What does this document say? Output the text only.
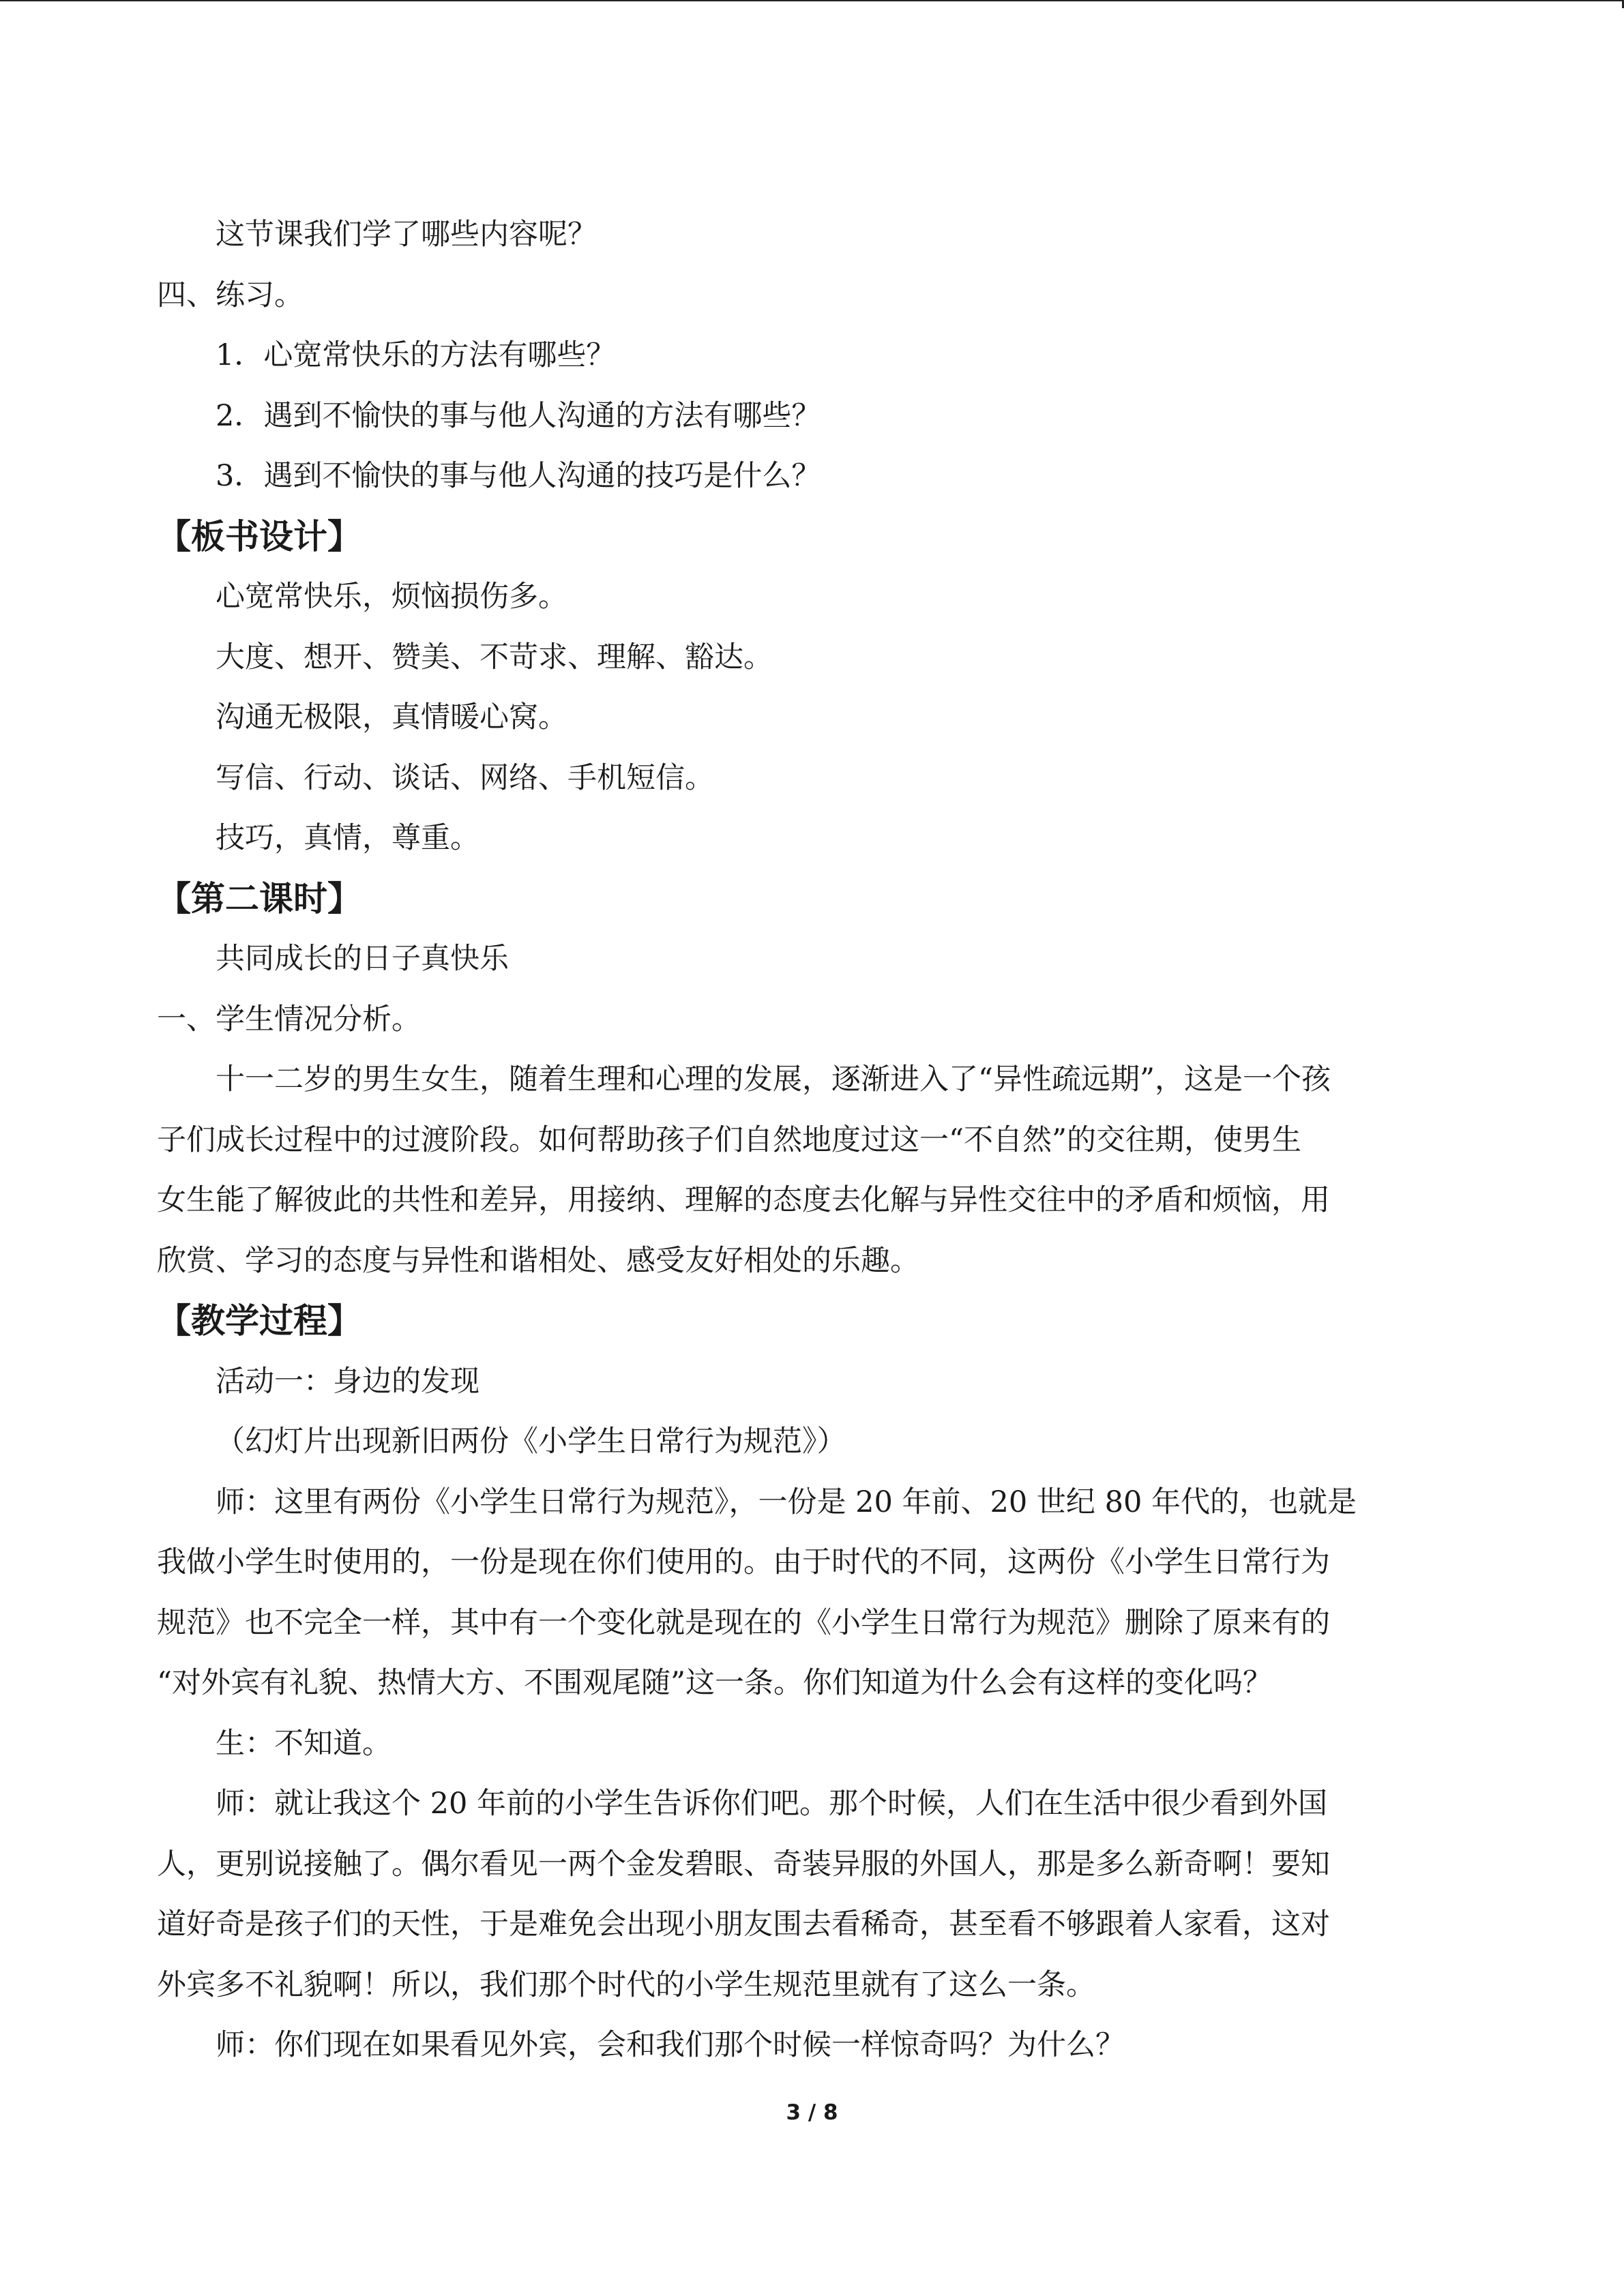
这节课我们学了哪些内容呢？

四、练习。

1．心宽常快乐的方法有哪些？

2．遇到不愉快的事与他人沟通的方法有哪些？

3．遇到不愉快的事与他人沟通的技巧是什么？

【板书设计】

心宽常快乐，烦恼损伤多。

大度、想开、赞美、不苛求、理解、豁达。

沟通无极限，真情暖心窝。

写信、行动、谈话、网络、手机短信。

技巧，真情，尊重。

【第二课时】

共同成长的日子真快乐

一、学生情况分析。

十一二岁的男生女生，随着生理和心理的发展，逐渐进入了“异性疏远期”，这是一个孩

子们成长过程中的过渡阶段。如何帮助孩子们自然地度过这一“不自然”的交往期，使男生

女生能了解彼此的共性和差异，用接纳、理解的态度去化解与异性交往中的矛盾和烦恼，用

欣赏、学习的态度与异性和谐相处、感受友好相处的乐趣。

【教学过程】

活动一：身边的发现

（幻灯片出现新旧两份《小学生日常行为规范》）

师：这里有两份《小学生日常行为规范》，一份是 20 年前、20 世纪 80 年代的，也就是

我做小学生时使用的，一份是现在你们使用的。由于时代的不同，这两份《小学生日常行为

规范》也不完全一样，其中有一个变化就是现在的《小学生日常行为规范》删除了原来有的

“对外宾有礼貌、热情大方、不围观尾随”这一条。你们知道为什么会有这样的变化吗？

生：不知道。

师：就让我这个 20 年前的小学生告诉你们吧。那个时候，人们在生活中很少看到外国

人，更别说接触了。偶尔看见一两个金发碧眼、奇装异服的外国人，那是多么新奇啊！要知

道好奇是孩子们的天性，于是难免会出现小朋友围去看稀奇，甚至看不够跟着人家看，这对

外宾多不礼貌啊！所以，我们那个时代的小学生规范里就有了这么一条。

师：你们现在如果看见外宾，会和我们那个时候一样惊奇吗？为什么？

3 / 8
